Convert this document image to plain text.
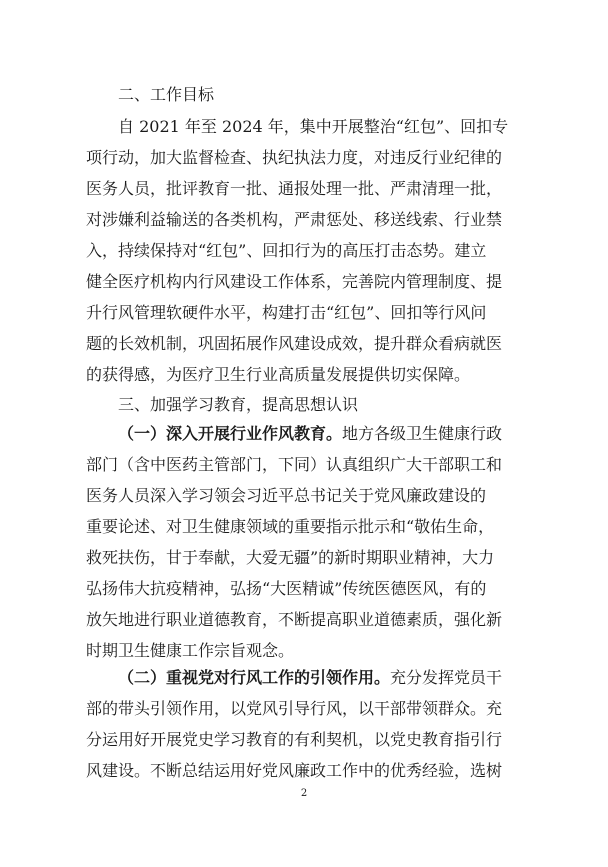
二、工作目标
自 2021 年至 2024 年，集中开展整治“红包”、回扣专
项行动，加大监督检查、执纪执法力度，对违反行业纪律的
医务人员，批评教育一批、通报处理一批、严肃清理一批，
对涉嫌利益输送的各类机构，严肃惩处、移送线索、行业禁
入，持续保持对“红包”、回扣行为的高压打击态势。建立
健全医疗机构内行风建设工作体系，完善院内管理制度、提
升行风管理软硬件水平，构建打击“红包”、回扣等行风问
题的长效机制，巩固拓展作风建设成效，提升群众看病就医
的获得感，为医疗卫生行业高质量发展提供切实保障。
三、加强学习教育，提高思想认识
（一）深入开展行业作风教育。地方各级卫生健康行政
部门（含中医药主管部门，下同）认真组织广大干部职工和
医务人员深入学习领会习近平总书记关于党风廉政建设的
重要论述、对卫生健康领域的重要指示批示和“敬佑生命，
救死扶伤，甘于奉献，大爱无疆”的新时期职业精神，大力
弘扬伟大抗疫精神，弘扬“大医精诚”传统医德医风，有的
放矢地进行职业道德教育，不断提高职业道德素质，强化新
时期卫生健康工作宗旨观念。
（二）重视党对行风工作的引领作用。充分发挥党员干
部的带头引领作用，以党风引导行风，以干部带领群众。充
分运用好开展党史学习教育的有利契机，以党史教育指引行
风建设。不断总结运用好党风廉政工作中的优秀经验，选树
2
